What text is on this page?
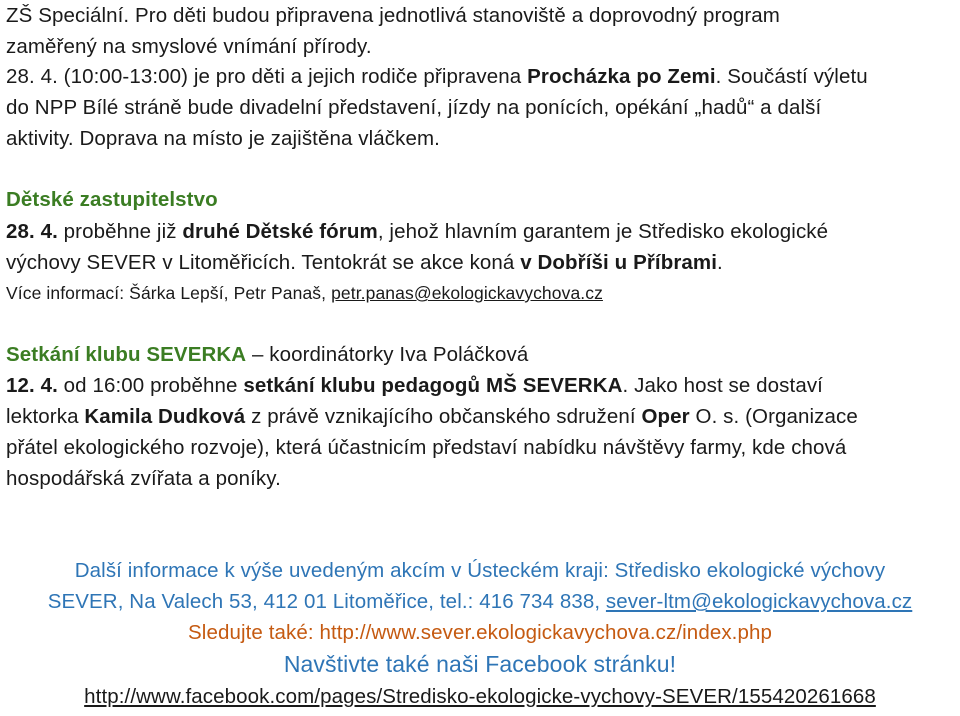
ZŠ Speciální. Pro děti budou připravena jednotlivá stanoviště a doprovodný program
zaměřený na smyslové vnímání přírody.
28. 4. (10:00-13:00) je pro děti a jejich rodiče připravena Procházka po Zemi. Součástí výletu
do NPP Bílé stráně bude divadelní představení, jízdy na ponících, opékání „hadů“ a další
aktivity. Doprava na místo je zajištěna vláčkem.
Dětské zastupitelstvo
28. 4. proběhne již druhé Dětské fórum, jehož hlavním garantem je Středisko ekologické
výchovy SEVER v Litoměřicích. Tentokrát se akce koná v Dobříši u Příbrami.
Více informací: Šárka Lepší, Petr Panaš, petr.panas@ekologickavychova.cz
Setkání klubu SEVERKA – koordinátorky Iva Poláčková
12. 4. od 16:00 proběhne setkání klubu pedagogů MŠ SEVERKA. Jako host se dostaví
lektorka Kamila Dudková z právě vznikajícího občanského sdružení Oper O. s. (Organizace
přátel ekologického rozvoje), která účastnicím představí nabídku návštěvy farmy, kde chová
hospodářská zvířata a poníky.
Další informace k výše uvedeným akcím v Ústeckém kraji: Středisko ekologické výchovy
SEVER, Na Valech 53, 412 01 Litoměřice, tel.: 416 734 838, sever-ltm@ekologickavychova.cz
Sledujte také: http://www.sever.ekologickavychova.cz/index.php
Navštivte také naši Facebook stránku!
http://www.facebook.com/pages/Stredisko-ekologicke-vychovy-SEVER/155420261668
